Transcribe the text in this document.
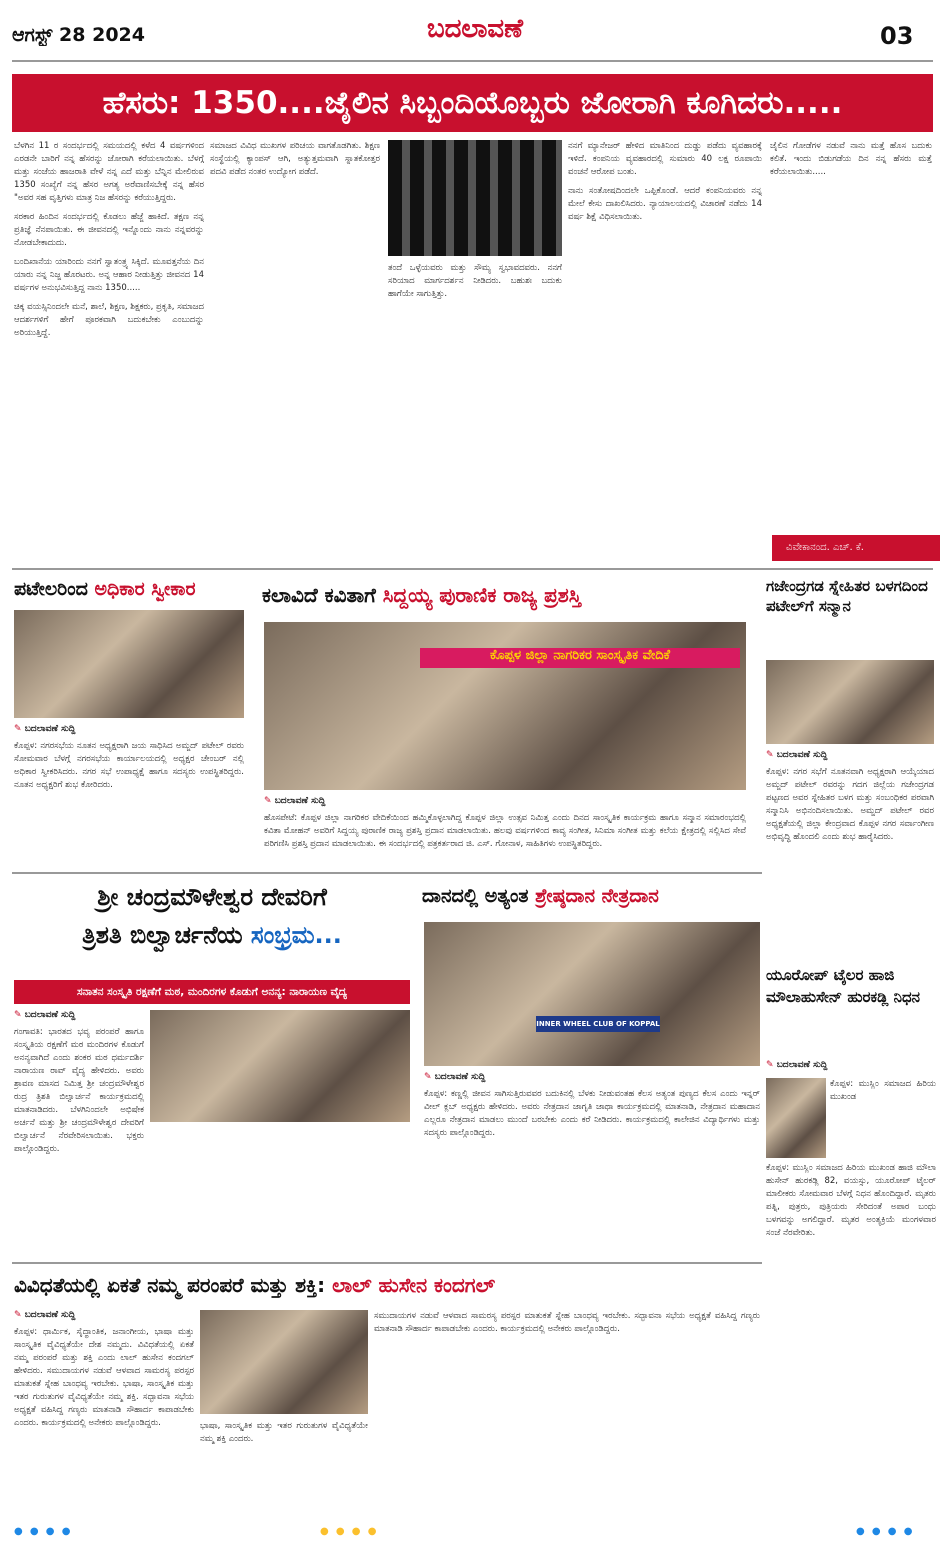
ಆಗಸ್ಟ್ 28 2024	ಬದಲಾವಣೆ	03
ಹೆಸರು: 1350....ಜೈಲಿನ ಸಿಬ್ಬಂದಿಯೊಬ್ಬರು ಜೋರಾಗಿ ಕೂಗಿದರು.....

ಬೆಳಗಿನ 11 ರ ಸಂದರ್ಭದಲ್ಲಿ ಸಮಯದಲ್ಲಿ ಕಳೆದ 4 ವರ್ಷಗಳಿಂದ ಎರಡನೇ ಬಾರಿಗೆ ನನ್ನ ಹೆಸರನ್ನು ಜೋರಾಗಿ ಕರೆಯಲಾಯಿತು. ಬೆಳಗ್ಗೆ ಮತ್ತು ಸಂಜೆಯ ಹಾಜರಾತಿ ವೇಳೆ ನನ್ನ ಎದೆ ಮತ್ತು ಬೆನ್ನಿನ ಮೇಲಿರುವ 1350 ಸಂಖ್ಯೆಗೆ ನನ್ನ ಹೆಸರ ಅಗತ್ಯ ಅರೆವಾಣಿಸಬೇಕ್ಕೆ ನನ್ನ ಹೆಸರ "ಅವರ ಸಹ ವೃತ್ತಿಗಳು ಮಾತ್ರ ನಿಜ ಹೆಸರನ್ನು ಕರೆಯುತ್ತಿದ್ದರು.

ಸರಕಾರ ಹಿಂದಿನ ಸಂದರ್ಭದಲ್ಲಿ ಕೊಡಲು ಹೆಜ್ಜೆ ಹಾಕಿದೆ. ತಕ್ಷಣ ನನ್ನ ಪ್ರತಿಜ್ಞೆ ನೆನಪಾಯಿತು. ಈ ಜೀವನದಲ್ಲಿ ಇನ್ನೊಂದು ನಾನು ನನ್ನವರನ್ನು ನೋಡಬೇಕಾದುದು.

ಬಂದಿಖಾನೆಯ ಯಾರಿಂದು ನನಗೆ ಸ್ವಾತಂತ್ರ್ಯ ಸಿಕ್ಕಿದೆ. ಮೂವತ್ತನೆಯ ದಿನ ಯಾರು ನನ್ನ ನಿಜ್ಜ ಹೊರಟರು. ಅನ್ನ ಆಹಾರ ನೀಡುತ್ತಿತ್ತು ಜೀವನದ 14 ವರ್ಷಗಳ ಅನುಭವಿಸುತ್ತಿದ್ದ ನಾನು 1350.....

ಚಿಕ್ಕ ವಯಸ್ಸಿನಿಂದಲೇ ಮನೆ, ಶಾಲೆ, ಶಿಕ್ಷಣ, ಶಿಕ್ಷಕರು, ಪ್ರಕೃತಿ, ಸಮಾಜದ ಆದರ್ಶಗಳಿಗೆ ಹೇಗೆ ಪೂರಕವಾಗಿ ಬದುಕಬೇಕು ಎಂಬುದನ್ನು ಅರಿಯುತ್ತಿದ್ದೆ.

ಸಮಾಜದ ವಿವಿಧ ಮುಖಗಳ ಪರಿಚಯ ವಾಗತೊಡಗಿತು. ಶಿಕ್ಷಣ ಸಂಸ್ಥೆಯಲ್ಲಿ ಕ್ಯಾಂಪಸ್ ಆಗಿ, ಅತ್ಯುತ್ತಮವಾಗಿ ಸ್ನಾತಕೋತ್ತರ ಪದವಿ ಪಡೆದ ನಂತರ ಉದ್ಯೋಗ ಪಡೆದೆ.

ತಂದೆ ಒಳ್ಳೆಯವರು ಮತ್ತು ಸೌಮ್ಯ ಸ್ವಭಾವದವರು. ನನಗೆ ಸರಿಯಾದ ಮಾರ್ಗದರ್ಶನ ನೀಡಿದರು. ಬಹುಶಃ ಬದುಕು ಹಾಗೆಯೇ ಸಾಗುತ್ತಿತ್ತು.

ನನಗೆ ಮ್ಯಾನೇಜರ್ ಹೇಳಿದ ಮಾತಿನಿಂದ ದುಡ್ಡು ಪಡೆದು ವ್ಯವಹಾರಕ್ಕೆ ಇಳಿದೆ. ಕಂಪನಿಯ ವ್ಯವಹಾರದಲ್ಲಿ ಸುಮಾರು 40 ಲಕ್ಷ ರೂಪಾಯಿ ವಂಚನೆ ಆರೋಪ ಬಂತು.

ನಾನು ಸಂತೋಷದಿಂದಲೇ ಒಪ್ಪಿಕೊಂಡೆ. ಆದರೆ ಕಂಪನಿಯವರು ನನ್ನ ಮೇಲೆ ಕೇಸು ದಾಖಲಿಸಿದರು. ನ್ಯಾಯಾಲಯದಲ್ಲಿ ವಿಚಾರಣೆ ನಡೆದು 14 ವರ್ಷ ಶಿಕ್ಷೆ ವಿಧಿಸಲಾಯಿತು.

ಜೈಲಿನ ಗೋಡೆಗಳ ನಡುವೆ ನಾನು ಮತ್ತೆ ಹೊಸ ಬದುಕು ಕಲಿತೆ. ಇಂದು ಬಿಡುಗಡೆಯ ದಿನ ನನ್ನ ಹೆಸರು ಮತ್ತೆ ಕರೆಯಲಾಯಿತು.....

ವಿವೇಕಾನಂದ. ಎಚ್. ಕೆ.
ಪಟೇಲರಿಂದ ಅಧಿಕಾರ ಸ್ವೀಕಾರ
✎ ಬದಲಾವಣೆ ಸುದ್ದಿ
ಕೊಪ್ಪಳ: ನಗರಸಭೆಯ ನೂತನ ಅಧ್ಯಕ್ಷರಾಗಿ ಜಯ ಸಾಧಿಸಿದ ಅಮ್ಜದ್ ಪಟೇಲ್ ರವರು ಸೋಮವಾರ ಬೆಳಗ್ಗೆ ನಗರಸಭೆಯ ಕಾರ್ಯಾಲಯದಲ್ಲಿ ಅಧ್ಯಕ್ಷರ ಚೇಂಬರ್ ನಲ್ಲಿ ಅಧಿಕಾರ ಸ್ವೀಕರಿಸಿದರು. ನಗರ ಸಭೆ ಉಪಾಧ್ಯಕ್ಷೆ ಹಾಗೂ ಸದಸ್ಯರು ಉಪಸ್ಥಿತರಿದ್ದರು. ನೂತನ ಅಧ್ಯಕ್ಷರಿಗೆ ಶುಭ ಕೋರಿದರು.
ಕಲಾವಿದೆ ಕವಿತಾಗೆ ಸಿದ್ದಯ್ಯ ಪುರಾಣಿಕ ರಾಜ್ಯ ಪ್ರಶಸ್ತಿ
ಕೊಪ್ಪಳ ಜಿಲ್ಲಾ ನಾಗರಿಕರ ಸಾಂಸ್ಕೃತಿಕ ವೇದಿಕೆ
✎ ಬದಲಾವಣೆ ಸುದ್ದಿ
ಹೊಸಪೇಟೆ: ಕೊಪ್ಪಳ ಜಿಲ್ಲಾ ನಾಗರಿಕರ ವೇದಿಕೆಯಿಂದ ಹಮ್ಮಿಕೊಳ್ಳಲಾಗಿದ್ದ ಕೊಪ್ಪಳ ಜಿಲ್ಲಾ ಉತ್ಸವ ನಿಮಿತ್ತ ಎಂದು ದಿನದ ಸಾಂಸ್ಕೃತಿಕ ಕಾರ್ಯಕ್ರಮ ಹಾಗೂ ಸನ್ಮಾನ ಸಮಾರಂಭದಲ್ಲಿ ಕವಿತಾ ಮೋಹನ್ ಅವರಿಗೆ ಸಿದ್ದಯ್ಯ ಪುರಾಣಿಕ ರಾಜ್ಯ ಪ್ರಶಸ್ತಿ ಪ್ರದಾನ ಮಾಡಲಾಯಿತು. ಹಲವು ವರ್ಷಗಳಿಂದ ಕಾವ್ಯ ಸಂಗೀತ, ಸಿನಿಮಾ ಸಂಗೀತ ಮತ್ತು ಕಲೆಯ ಕ್ಷೇತ್ರದಲ್ಲಿ ಸಲ್ಲಿಸಿದ ಸೇವೆ ಪರಿಗಣಿಸಿ ಪ್ರಶಸ್ತಿ ಪ್ರದಾನ ಮಾಡಲಾಯಿತು. ಈ ಸಂದರ್ಭದಲ್ಲಿ ಪತ್ರಕರ್ತರಾದ ಜಿ. ಎಸ್. ಗೋನಾಳ, ಸಾಹಿತಿಗಳು ಉಪಸ್ಥಿತರಿದ್ದರು.
ಗಜೇಂದ್ರಗಡ ಸ್ನೇಹಿತರ ಬಳಗದಿಂದ ಪಟೇಲ್‌ಗೆ ಸನ್ಮಾನ
✎ ಬದಲಾವಣೆ ಸುದ್ದಿ
ಕೊಪ್ಪಳ: ನಗರ ಸಭೆಗೆ ನೂತನವಾಗಿ ಅಧ್ಯಕ್ಷರಾಗಿ ಆಯ್ಕೆಯಾದ ಅಮ್ಜದ್ ಪಟೇಲ್ ರವರನ್ನು ಗದಗ ಜಿಲ್ಲೆಯ ಗಜೇಂದ್ರಗಡ ಪಟ್ಟಣದ ಅವರ ಸ್ನೇಹಿತರ ಬಳಗ ಮತ್ತು ಸಂಬಂಧಿಕರ ಪರವಾಗಿ ಸನ್ಮಾನಿಸಿ ಅಭಿನಂದಿಸಲಾಯಿತು. ಅಮ್ಜದ್ ಪಟೇಲ್ ರವರ ಅಧ್ಯಕ್ಷತೆಯಲ್ಲಿ ಜಿಲ್ಲಾ ಕೇಂದ್ರವಾದ ಕೊಪ್ಪಳ ನಗರ ಸರ್ವಾಂಗೀಣ ಅಭಿವೃದ್ಧಿ ಹೊಂದಲಿ ಎಂದು ಶುಭ ಹಾರೈಸಿದರು.
ಶ್ರೀ ಚಂದ್ರಮೌಳೇಶ್ವರ ದೇವರಿಗೆ
ತ್ರಿಶತಿ ಬಿಲ್ವಾರ್ಚನೆಯ ಸಂಭ್ರಮ...
ಸನಾತನ ಸಂಸ್ಕೃತಿ ರಕ್ಷಣೆಗೆ ಮಠ, ಮಂದಿರಗಳ ಕೊಡುಗೆ ಅನನ್ಯ: ನಾರಾಯಣ ವೈದ್ಯ
✎ ಬದಲಾವಣೆ ಸುದ್ದಿ
ಗಂಗಾವತಿ: ಭಾರತದ ಭವ್ಯ ಪರಂಪರೆ ಹಾಗೂ ಸಂಸ್ಕೃತಿಯ ರಕ್ಷಣೆಗೆ ಮಠ ಮಂದಿರಗಳ ಕೊಡುಗೆ ಅನನ್ಯವಾಗಿದೆ ಎಂದು ಶಂಕರ ಮಠ ಧರ್ಮದರ್ಶಿ ನಾರಾಯಣ ರಾವ್ ವೈದ್ಯ ಹೇಳಿದರು. ಅವರು ಶ್ರಾವಣ ಮಾಸದ ನಿಮಿತ್ತ ಶ್ರೀ ಚಂದ್ರಮೌಳೇಶ್ವರ ರುದ್ರ ತ್ರಿಶತಿ ಬಿಲ್ವಾರ್ಚನೆ ಕಾರ್ಯಕ್ರಮದಲ್ಲಿ ಮಾತನಾಡಿದರು. ಬೆಳಗಿನಿಂದಲೇ ಅಭಿಷೇಕ ಅರ್ಚನೆ ಮತ್ತು ಶ್ರೀ ಚಂದ್ರಮೌಳೇಶ್ವರ ದೇವರಿಗೆ ಬಿಲ್ವಾರ್ಚನೆ ನೆರವೇರಿಸಲಾಯಿತು. ಭಕ್ತರು ಪಾಲ್ಗೊಂಡಿದ್ದರು.
ದಾನದಲ್ಲಿ ಅತ್ಯಂತ ಶ್ರೇಷ್ಠದಾನ ನೇತ್ರದಾನ
INNER WHEEL CLUB OF KOPPAL
✎ ಬದಲಾವಣೆ ಸುದ್ದಿ
ಕೊಪ್ಪಳ: ಕಣ್ಣಲ್ಲಿ ಜೀವನ ಸಾಗಿಸುತ್ತಿರುವವರ ಬದುಕಿನಲ್ಲಿ ಬೆಳಕು ನೀಡುವಂತಹ ಕೆಲಸ ಅತ್ಯಂತ ಪುಣ್ಯದ ಕೆಲಸ ಎಂದು ಇನ್ನರ್ ವೀಲ್ ಕ್ಲಬ್ ಅಧ್ಯಕ್ಷರು ಹೇಳಿದರು. ಅವರು ನೇತ್ರದಾನ ಜಾಗೃತಿ ಜಾಥಾ ಕಾರ್ಯಕ್ರಮದಲ್ಲಿ ಮಾತನಾಡಿ, ನೇತ್ರದಾನ ಮಹಾದಾನ ಎಲ್ಲರೂ ನೇತ್ರದಾನ ಮಾಡಲು ಮುಂದೆ ಬರಬೇಕು ಎಂದು ಕರೆ ನೀಡಿದರು. ಕಾರ್ಯಕ್ರಮದಲ್ಲಿ ಕಾಲೇಜಿನ ವಿದ್ಯಾರ್ಥಿಗಳು ಮತ್ತು ಸದಸ್ಯರು ಪಾಲ್ಗೊಂಡಿದ್ದರು.
ಯೂರೋಪ್ ಟೈಲರ ಹಾಜಿ ಮೌಲಾಹುಸೇನ್ ಹುರಕಡ್ಲಿ ನಿಧನ
✎ ಬದಲಾವಣೆ ಸುದ್ದಿ
ಕೊಪ್ಪಳ: ಮುಸ್ಲಿಂ ಸಮಾಜದ ಹಿರಿಯ ಮುಖಂಡ
ಕೊಪ್ಪಳ: ಮುಸ್ಲಿಂ ಸಮಾಜದ ಹಿರಿಯ ಮುಖಂಡ ಹಾಜಿ ಮೌಲಾ ಹುಸೇನ್ ಹುರಕಡ್ಲಿ 82, ವಯಸ್ಸು, ಯೂರೋಪ್ ಟೈಲರ್ ಮಾಲೀಕರು ಸೋಮವಾರ ಬೆಳಗ್ಗೆ ನಿಧನ ಹೊಂದಿದ್ದಾರೆ. ಮೃತರು ಪತ್ನಿ, ಪುತ್ರರು, ಪುತ್ರಿಯರು ಸೇರಿದಂತೆ ಅಪಾರ ಬಂಧು ಬಳಗವನ್ನು ಅಗಲಿದ್ದಾರೆ. ಮೃತರ ಅಂತ್ಯಕ್ರಿಯೆ ಮಂಗಳವಾರ ಸಂಜೆ ನೆರವೇರಿತು.
ವಿವಿಧತೆಯಲ್ಲಿ ಏಕತೆ ನಮ್ಮ ಪರಂಪರೆ ಮತ್ತು ಶಕ್ತಿ: ಲಾಲ್ ಹುಸೇನ ಕಂದಗಲ್
✎ ಬದಲಾವಣೆ ಸುದ್ದಿ
ಕೊಪ್ಪಳ: ಧಾರ್ಮಿಕ, ಸೈದ್ಧಾಂತಿಕ, ಜನಾಂಗೀಯ, ಭಾಷಾ ಮತ್ತು ಸಾಂಸ್ಕೃತಿಕ ವೈವಿಧ್ಯತೆಯೇ ದೇಶ ನಮ್ಮದು. ವಿವಿಧತೆಯಲ್ಲಿ ಏಕತೆ ನಮ್ಮ ಪರಂಪರೆ ಮತ್ತು ಶಕ್ತಿ ಎಂದು ಲಾಲ್ ಹುಸೇನ ಕಂದಗಲ್ ಹೇಳಿದರು. ಸಮುದಾಯಗಳ ನಡುವೆ ಆಳವಾದ ಸಾಮರಸ್ಯ ಪರಸ್ಪರ ಮಾತುಕತೆ ಸ್ನೇಹ ಬಾಂಧವ್ಯ ಇರಬೇಕು. ಭಾಷಾ, ಸಾಂಸ್ಕೃತಿಕ ಮತ್ತು ಇತರ ಗುರುತುಗಳ ವೈವಿಧ್ಯತೆಯೇ ನಮ್ಮ ಶಕ್ತಿ. ಸದ್ಭಾವನಾ ಸಭೆಯ ಅಧ್ಯಕ್ಷತೆ ವಹಿಸಿದ್ದ ಗಣ್ಯರು ಮಾತನಾಡಿ ಸೌಹಾರ್ದ ಕಾಪಾಡಬೇಕು ಎಂದರು. ಕಾರ್ಯಕ್ರಮದಲ್ಲಿ ಅನೇಕರು ಪಾಲ್ಗೊಂಡಿದ್ದರು.	ಭಾಷಾ, ಸಾಂಸ್ಕೃತಿಕ ಮತ್ತು ಇತರ ಗುರುತುಗಳ ವೈವಿಧ್ಯತೆಯೇ ನಮ್ಮ ಶಕ್ತಿ ಎಂದರು.
ಸಮುದಾಯಗಳ ನಡುವೆ ಆಳವಾದ ಸಾಮರಸ್ಯ ಪರಸ್ಪರ ಮಾತುಕತೆ ಸ್ನೇಹ ಬಾಂಧವ್ಯ ಇರಬೇಕು. ಸದ್ಭಾವನಾ ಸಭೆಯ ಅಧ್ಯಕ್ಷತೆ ವಹಿಸಿದ್ದ ಗಣ್ಯರು ಮಾತನಾಡಿ ಸೌಹಾರ್ದ ಕಾಪಾಡಬೇಕು ಎಂದರು. ಕಾರ್ಯಕ್ರಮದಲ್ಲಿ ಅನೇಕರು ಪಾಲ್ಗೊಂಡಿದ್ದರು.
● ● ● ●	● ● ● ●	● ● ● ●
